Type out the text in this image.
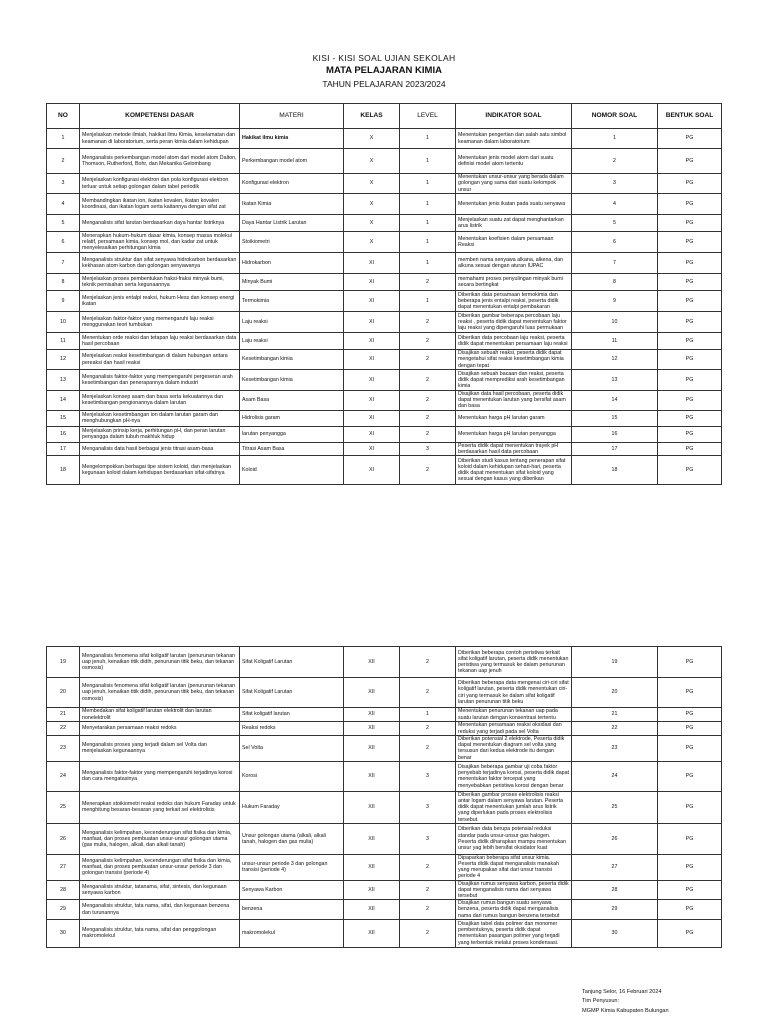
KISI - KISI SOAL UJIAN SEKOLAH
MATA PELAJARAN KIMIA
TAHUN PELAJARAN 2023/2024
NO	KOMPETENSI DASAR	MATERI	KELAS	LEVEL	INDIKATOR SOAL	NOMOR SOAL	BENTUK SOAL
1	Menjelaskan metode ilmiah, hakikat ilmu Kimia, keselamatan dan keamanan di laboratorium, serta peran kimia dalam kehidupan	Hakikat ilmu kimia	X	1	Menentukan pengertian dan salah satu simbol keamanan dalam laboratorium	1	PG
2	Menganalisis perkembangan model atom dari model atom Dalton, Thomson, Rutherford, Bohr, dan Mekanika Gelombang	Perkembangan model atom	X	1	Menentukan jenis model atom dari suatu definisi model atom tertentu	2	PG
3	Menjelaskan konfigurasi elektron dan pola konfigurasi elektron terluar untuk setiap golongan dalam tabel periodik	Konfigurasi elektron	X	1	Menentukan unsur-unsur yang berada dalam golongan yang sama dari suatu kelompok unsur	3	PG
4	Membandingkan ikatan ion, ikatan kovalen, ikatan kovalen koordinasi, dan ikatan logam serta kaitannya dengan sifat zat	Ikatan Kimia	X	1	Menentukan jenis ikatan pada suatu senyawa	4	PG
5	Menganalisis sifat larutan berdasarkan daya hantar listriknya	Daya Hantar Listrik Larutan	X	1	Menjelaskan suatu zat dapat menghantarkan arus listrik	5	PG
6	Menerapkan hukum-hukum dasar kimia, konsep massa molekul relatif, persamaan kimia, konsep mol, dan kadar zat untuk menyelesaikan perhitungan kimia	Stoikiometri	X	1	Menentukan koefisien dalam persamaan Reaksi	6	PG
7	Menganalisis struktur dan sifat senyawa hidrokarbon berdasarkan kekhasan atom karbon dan golongan senyawanya	Hidrokarbon	XI	1	memberi nama senyawa alkana, alkena, dan alkuna sesuai dengan aturan IUPAC	7	PG
8	Menjelaskan proses pembentukan fraksi-fraksi minyak bumi, teknik pemisahan serta kegunaannya	Minyak Bumi	XI	2	memahami proses penyulingan minyak bumi secara bertingkat	8	PG
9	Menjelaskan jenis entalpi reaksi, hukum Hess dan konsep energi ikatan	Termokimia	XI	1	Diberikan data persamaan termokimia dan beberapa jenis entalpi reaksi, peserta didik dapat menentukan entalpi pembakaran	9	PG
10	Menjelaskan faktor-faktor yang memengaruhi laju reaksi menggunakan teori tumbukan	Laju reaksi	XI	2	Diberikan gambar beberapa percobaan laju reaksi , peserta didik dapat menentukan faktor laju reaksi yang dipengaruhi luas permukaan	10	PG
11	Menentukan orde reaksi dan tetapan laju reaksi berdasarkan data hasil percobaan	Laju reaksi	XI	2	Diberikan data percobaan laju reaksi, peserta didik dapat menentukan persamaan laju reaksi	11	PG
12	Menjelaskan reaksi kesetimbangan di dalam hubungan antara pereaksi dan hasil reaksi	Kesetimbangan kimia	XI	2	Disajikan sebuah reaksi, peserta didik dapat mengetahui sifat reaksi kesetimbangan kimia dengan tepat	12	PG
13	Menganalisis faktor-faktor yang mempengaruhi pergeseran arah kesetimbangan dan penerapannya dalam industri	Kesetimbangan kimia	XI	2	Disajikan sebuah bacaan dan reaksi, peserta didik dapat memprediksi arah kesetimbangan kimia	13	PG
14	Menjelaskan konsep asam dan basa serta kekuatannya dan kesetimbangan pengionannya dalam larutan	Asam Basa	XI	2	Disajikan data hasil percobaan, peserta didik dapat menentukan larutan yang bersifat asam dan basa	14	PG
15	Menjelaskan kesetimbangan ion dalam larutan garam dan menghubungkan pH-nya	Hidrolisis garam	XI	2	Menentukan harga pH larutan garam	15	PG
16	Menjelaskan prinsip kerja, perhitungan pH, dan peran larutan penyangga dalam tubuh makhluk hidup	larutan penyangga	XI	2	Menentukan harga pH larutan penyangga	16	PG
17	Menganalisis data hasil berbagai jenis titrasi asam-basa	Titrasi Asam Basa	XI	3	Peserta didik dapat menentukan trayek pH berdasarkan hasil data percobaan	17	PG
18	Mengelompokkan berbagai tipe sistem koloid, dan menjelaskan kegunaan koloid dalam kehidupan berdasarkan sifat-sifatnya	Koloid	XI	2	Diberikan studi kasus tentang penerapan sifat koloid dalam kehidupan sehari-hari, peserta didik dapat menentukan sifat koloid yang sesuai dengan kasus yang diberikan	18	PG
19	Menganalisis fenomena sifat koligatif larutan (penurunan tekanan uap jenuh, kenaikan titik didih, penurunan titik beku, dan tekanan osmosis)	Sifat Koligatif Larutan	XII	2	Diberikan beberapa contoh peristiwa terkait sifat koligatif larutan, peserta didik menentukan peristiwa yang termasuk ke dalam penurunan tekanan uap jenuh	19	PG
20	Menganalisis fenomena sifat koligatif larutan (penurunan tekanan uap jenuh, kenaikan titik didih, penurunan titik beku, dan tekanan osmosis)	Sifat Koligatif Larutan	XII	2	Diberikan beberapa data mengenai ciri-ciri sifat koligatif larutan, peserta didik menentukan ciri-ciri yang termasuk ke dalam sifat koligatif larutan penurunan titik beku	20	PG
21	Membedakan sifat koligatif larutan elektrolit dan larutan nonelektrolit	Sifat koligatif larutan	XII	1	Menentukan penurunan tekanan uap pada suatu larutan dengan konsentrasi tertentu	21	PG
22	Menyetarakan persamaan reaksi redoks	Reaksi redoks	XII	2	Menentukan persamaan reaksi oksidasi dan reduksi yang terjadi pada sel Volta	22	PG
23	Menganalisis proses yang terjadi dalam sel Volta dan menjelaskan kegunaannya	Sel Volta	XII	2	Diberikan potensial 2 elektrode, Peserta didik dapat menentukan diagram sel volta yang tersusun dari kedua elektrode itu dengan benar	23	PG
24	Menganalisis faktor-faktor yang mempengaruhi terjadinya korosi dan cara mengatasinya	Korosi	XII	3	Disajikan beberapa gambar uji coba faktor penyebab terjadinya korosi, peserta didik dapat menentukan faktor tercepat yang menyebabkan peristiwa korosi dengan benar	24	PG
25	Menerapkan stoikiometri reaksi redoks dan hukum Faraday untuk menghitung besaran-besaran yang terkait sel elektrolisis	Hukum Faraday	XII	3	Diberikan gambar proses elektrolisis reaksi antar logam dalam senyawa larutan. Peserta didik dapat menentukan jumlah arus listrik yang diperlukan pada proses elektrolisis tersebut.	25	PG
26	Menganalisis kelimpahan, kecenderungan sifat fisika dan kimia, manfaat, dan proses pembuatan unsur-unsur golongan utama (gas mulia, halogen, alkali, dan alkali tanah)	Unsur golongan utama (alkali, alkali tanah, halogen dan gas mulia)	XII	3	Diberikan data berupa potensial reduksi standar pada unsur-unsur gas halogen. Peserta didik diharapkan mampu menentukan unsur yag lebih bersifat oksidator kuat	26	PG
27	Menganalisis kelimpahan, kecenderungan sifat fisika dan kimia, manfaat, dan proses pembuatan unsur-unsur periode 3 dan golongan transisi (periode 4)	unsur-unsur periode 3 dan golongan transisi (periode 4)	XII	2	Dipaparkan beberapa sifat unsur kimia. Peserta didik dapat menganalisis manakah yang merupakan sifat dari unsur transisi periode 4	27	PG
28	Menganalisis struktur, tatanama, sifat, sintesis, dan kegunaan senyawa karbon	Senyawa Karbon	XII	2	Disajikan rumus senyawa karbon, peserta didik dapat menganalisis nama dari senyawa tersebut	28	PG
29	Menganalisis struktur, tata nama, sifat, dan kegunaan benzena dan turunannya	benzena	XII	2	Disajikan rumus bangun suatu senyawa benzena, peserta didik dapat menganalisis nama dari rumus bangun benzena tersebut	29	PG
30	Menganalisis struktur, tata nama, sifat dan penggolongan makromolekul	makromolekul	XII	2	Disajikan tabel data polimer dan monomer pembentuknya, peserta didik dapat menentukan pasangan polimer yang terjadi yang terbentuk melalui proses kondensasi.	30	PG
Tanjung Selor, 16 Februari 2024
Tim Penyusun:
MGMP Kimia Kabupaten Bulungan
